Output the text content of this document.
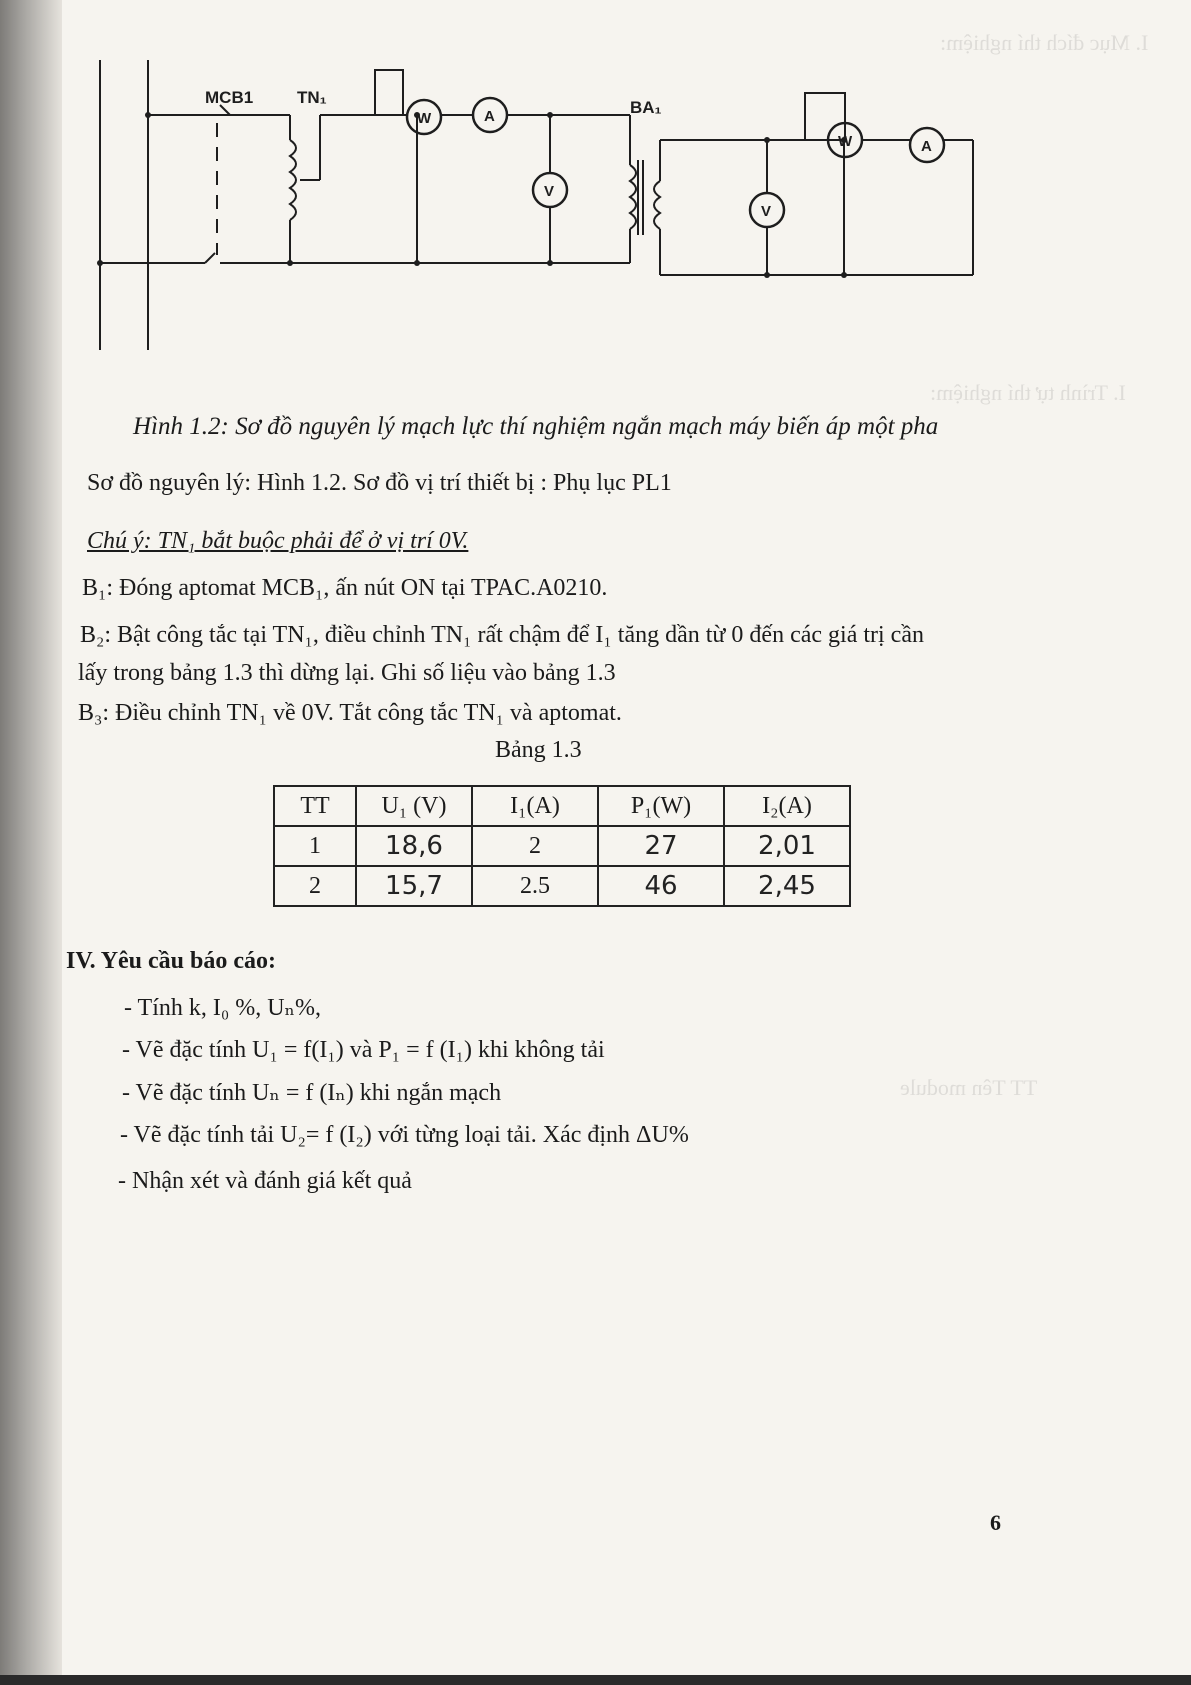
I. Mục đích thí nghiệm:
I. Trình tự thí nghiệm:
TT Tên module
MCB1	TN₁
BA₁
W	A
V
W	A
V
Hình 1.2: Sơ đồ nguyên lý mạch lực thí nghiệm ngắn mạch máy biến áp một pha
Sơ đồ nguyên lý: Hình 1.2. Sơ đồ vị trí thiết bị : Phụ lục PL1
Chú ý: TN₁ bắt buộc phải để ở vị trí 0V.
B₁: Đóng aptomat MCB₁, ấn nút ON tại TPAC.A0210.
B₂: Bật công tắc tại TN₁, điều chỉnh TN₁ rất chậm để I₁ tăng dần từ 0 đến các giá trị cần
lấy trong bảng 1.3 thì dừng lại. Ghi số liệu vào bảng 1.3
B₃: Điều chỉnh TN₁ về 0V. Tắt công tắc TN₁ và aptomat.
Bảng 1.3
TT	U₁ (V)	I₁(A)	P₁(W)	I₂(A)
1	18,6	2	27	2,01
2	15,7	2.5	46	2,45
IV. Yêu cầu báo cáo:
- Tính k, I₀ %, Uₙ%,
- Vẽ đặc tính U₁ = f(I₁) và P₁ = f (I₁) khi không tải
- Vẽ đặc tính Uₙ = f (Iₙ) khi ngắn mạch
- Vẽ đặc tính tải U₂= f (I₂) với từng loại tải. Xác định ΔU%
- Nhận xét và đánh giá kết quả
6
